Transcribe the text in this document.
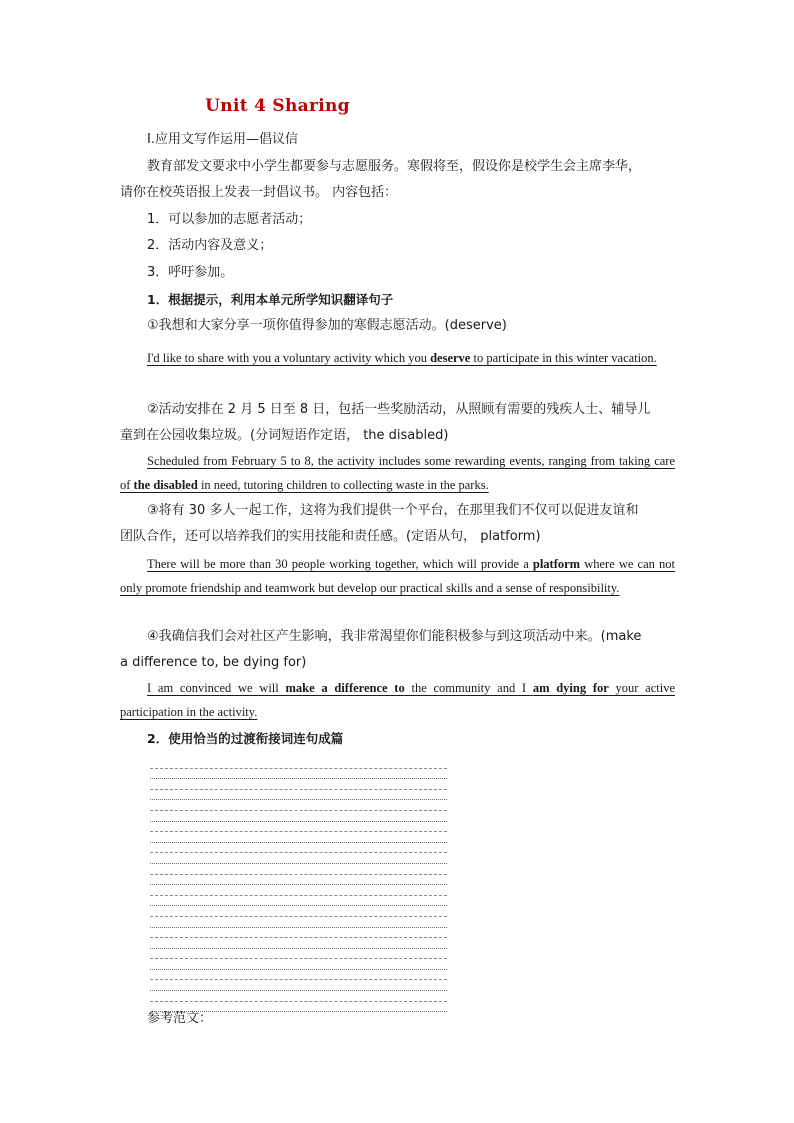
Unit 4 Sharing
Ⅰ.应用文写作运用—倡议信
教育部发文要求中小学生都要参与志愿服务。寒假将至，假设你是校学生会主席李华，
请你在校英语报上发表一封倡议书。 内容包括：
1．可以参加的志愿者活动；
2．活动内容及意义；
3．呼吁参加。
1．根据提示，利用本单元所学知识翻译句子
①我想和大家分享一项你值得参加的寒假志愿活动。(deserve)
I'd like to share with you a voluntary activity which you deserve to participate in this winter vacation.
②活动安排在 2 月 5 日至 8 日，包括一些奖励活动，从照顾有需要的残疾人士、辅导儿
童到在公园收集垃圾。(分词短语作定语， the disabled)
Scheduled from February 5 to 8, the activity includes some rewarding events, ranging from taking care of the disabled in need, tutoring children to collecting waste in the parks.
③将有 30 多人一起工作，这将为我们提供一个平台，在那里我们不仅可以促进友谊和
团队合作，还可以培养我们的实用技能和责任感。(定语从句， platform)
There will be more than 30 people working together, which will provide a platform where we can not only promote friendship and teamwork but develop our practical skills and a sense of responsibility.
④我确信我们会对社区产生影响，我非常渴望你们能积极参与到这项活动中来。(make
a difference to, be dying for)
I am convinced we will make a difference to the community and I am dying for your active participation in the activity.
2．使用恰当的过渡衔接词连句成篇
参考范文：
